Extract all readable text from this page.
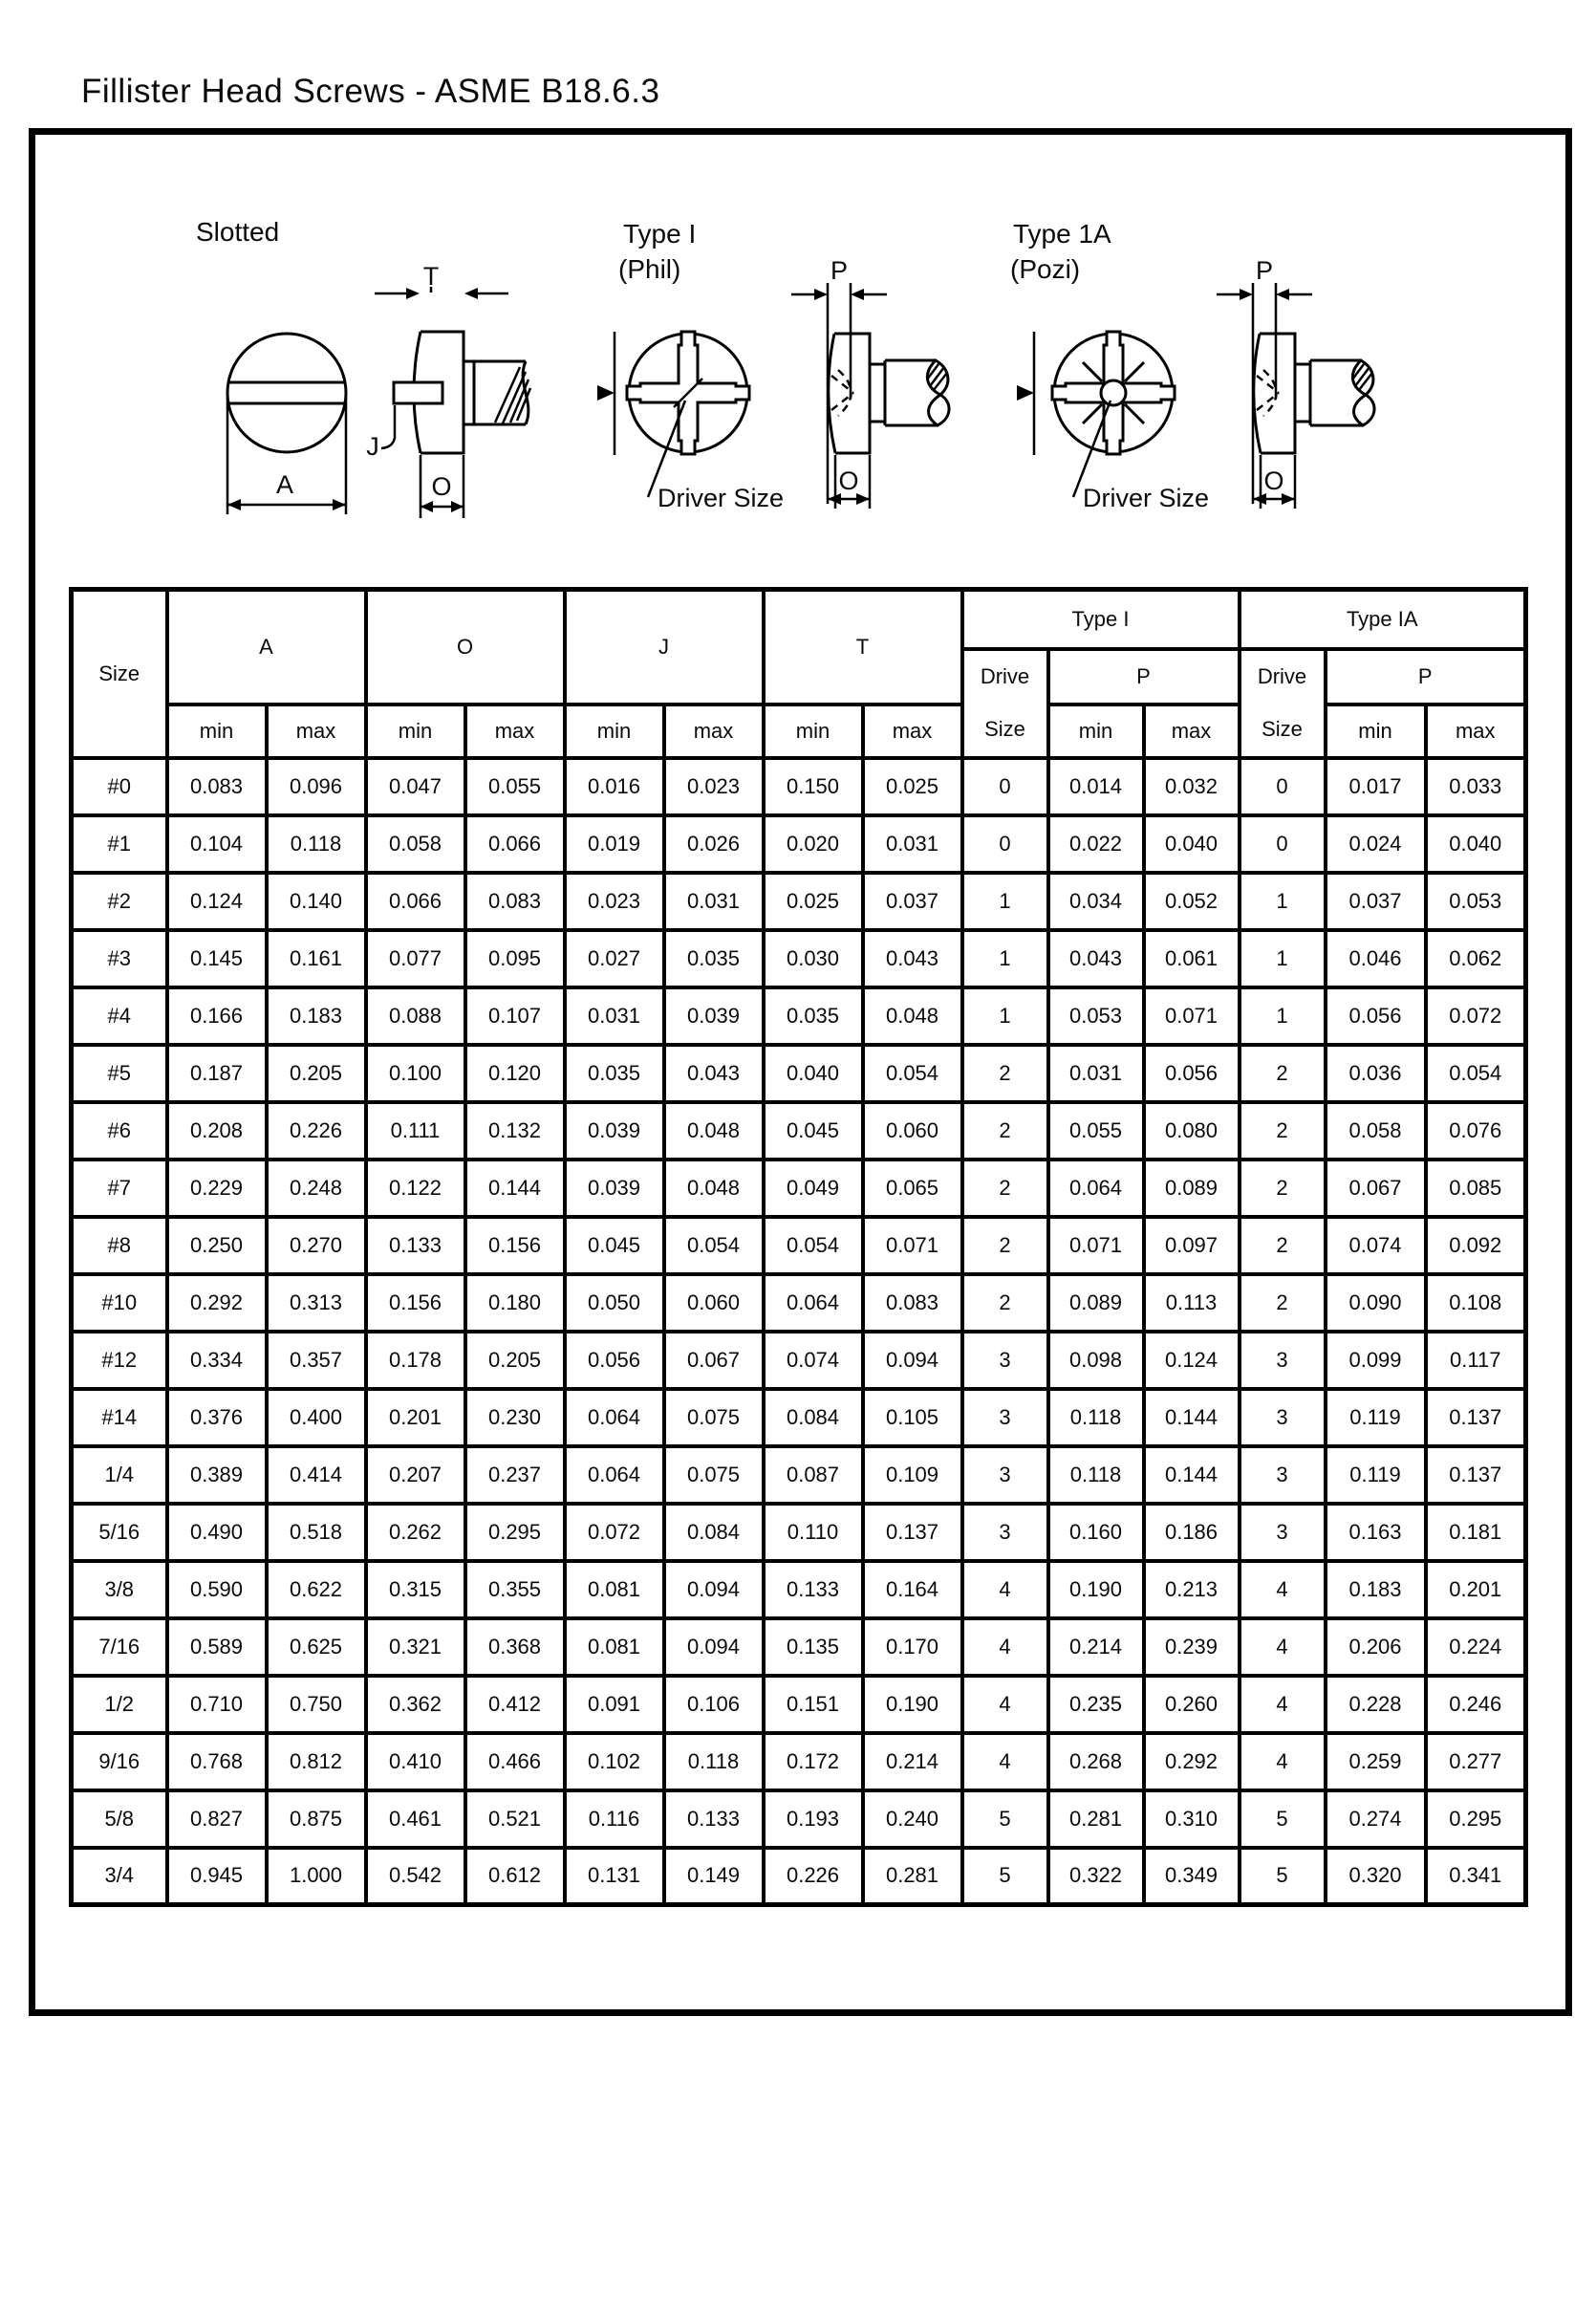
Fillister Head Screws - ASME B18.6.3
Slotted
A
T
J
O
Type I
(Phil)
Driver Size
P
O
Type 1A
(Pozi)
Driver Size
P
O
Size	A		O		J		T		Type I			Type IA		

Drive
Size
	P	Drive
Size
	P
	min	max	min	max	min	max	min	max		min	max		min	max
#0	0.083	0.096	0.047	0.055	0.016	0.023	0.150	0.025	0	0.014	0.032	0	0.017	0.033
#1	0.104	0.118	0.058	0.066	0.019	0.026	0.020	0.031	0	0.022	0.040	0	0.024	0.040
#2	0.124	0.140	0.066	0.083	0.023	0.031	0.025	0.037	1	0.034	0.052	1	0.037	0.053
#3	0.145	0.161	0.077	0.095	0.027	0.035	0.030	0.043	1	0.043	0.061	1	0.046	0.062
#4	0.166	0.183	0.088	0.107	0.031	0.039	0.035	0.048	1	0.053	0.071	1	0.056	0.072
#5	0.187	0.205	0.100	0.120	0.035	0.043	0.040	0.054	2	0.031	0.056	2	0.036	0.054
#6	0.208	0.226	0.111	0.132	0.039	0.048	0.045	0.060	2	0.055	0.080	2	0.058	0.076
#7	0.229	0.248	0.122	0.144	0.039	0.048	0.049	0.065	2	0.064	0.089	2	0.067	0.085
#8	0.250	0.270	0.133	0.156	0.045	0.054	0.054	0.071	2	0.071	0.097	2	0.074	0.092
#10	0.292	0.313	0.156	0.180	0.050	0.060	0.064	0.083	2	0.089	0.113	2	0.090	0.108
#12	0.334	0.357	0.178	0.205	0.056	0.067	0.074	0.094	3	0.098	0.124	3	0.099	0.117
#14	0.376	0.400	0.201	0.230	0.064	0.075	0.084	0.105	3	0.118	0.144	3	0.119	0.137
1/4	0.389	0.414	0.207	0.237	0.064	0.075	0.087	0.109	3	0.118	0.144	3	0.119	0.137
5/16	0.490	0.518	0.262	0.295	0.072	0.084	0.110	0.137	3	0.160	0.186	3	0.163	0.181
3/8	0.590	0.622	0.315	0.355	0.081	0.094	0.133	0.164	4	0.190	0.213	4	0.183	0.201
7/16	0.589	0.625	0.321	0.368	0.081	0.094	0.135	0.170	4	0.214	0.239	4	0.206	0.224
1/2	0.710	0.750	0.362	0.412	0.091	0.106	0.151	0.190	4	0.235	0.260	4	0.228	0.246
9/16	0.768	0.812	0.410	0.466	0.102	0.118	0.172	0.214	4	0.268	0.292	4	0.259	0.277
5/8	0.827	0.875	0.461	0.521	0.116	0.133	0.193	0.240	5	0.281	0.310	5	0.274	0.295
3/4	0.945	1.000	0.542	0.612	0.131	0.149	0.226	0.281	5	0.322	0.349	5	0.320	0.341
